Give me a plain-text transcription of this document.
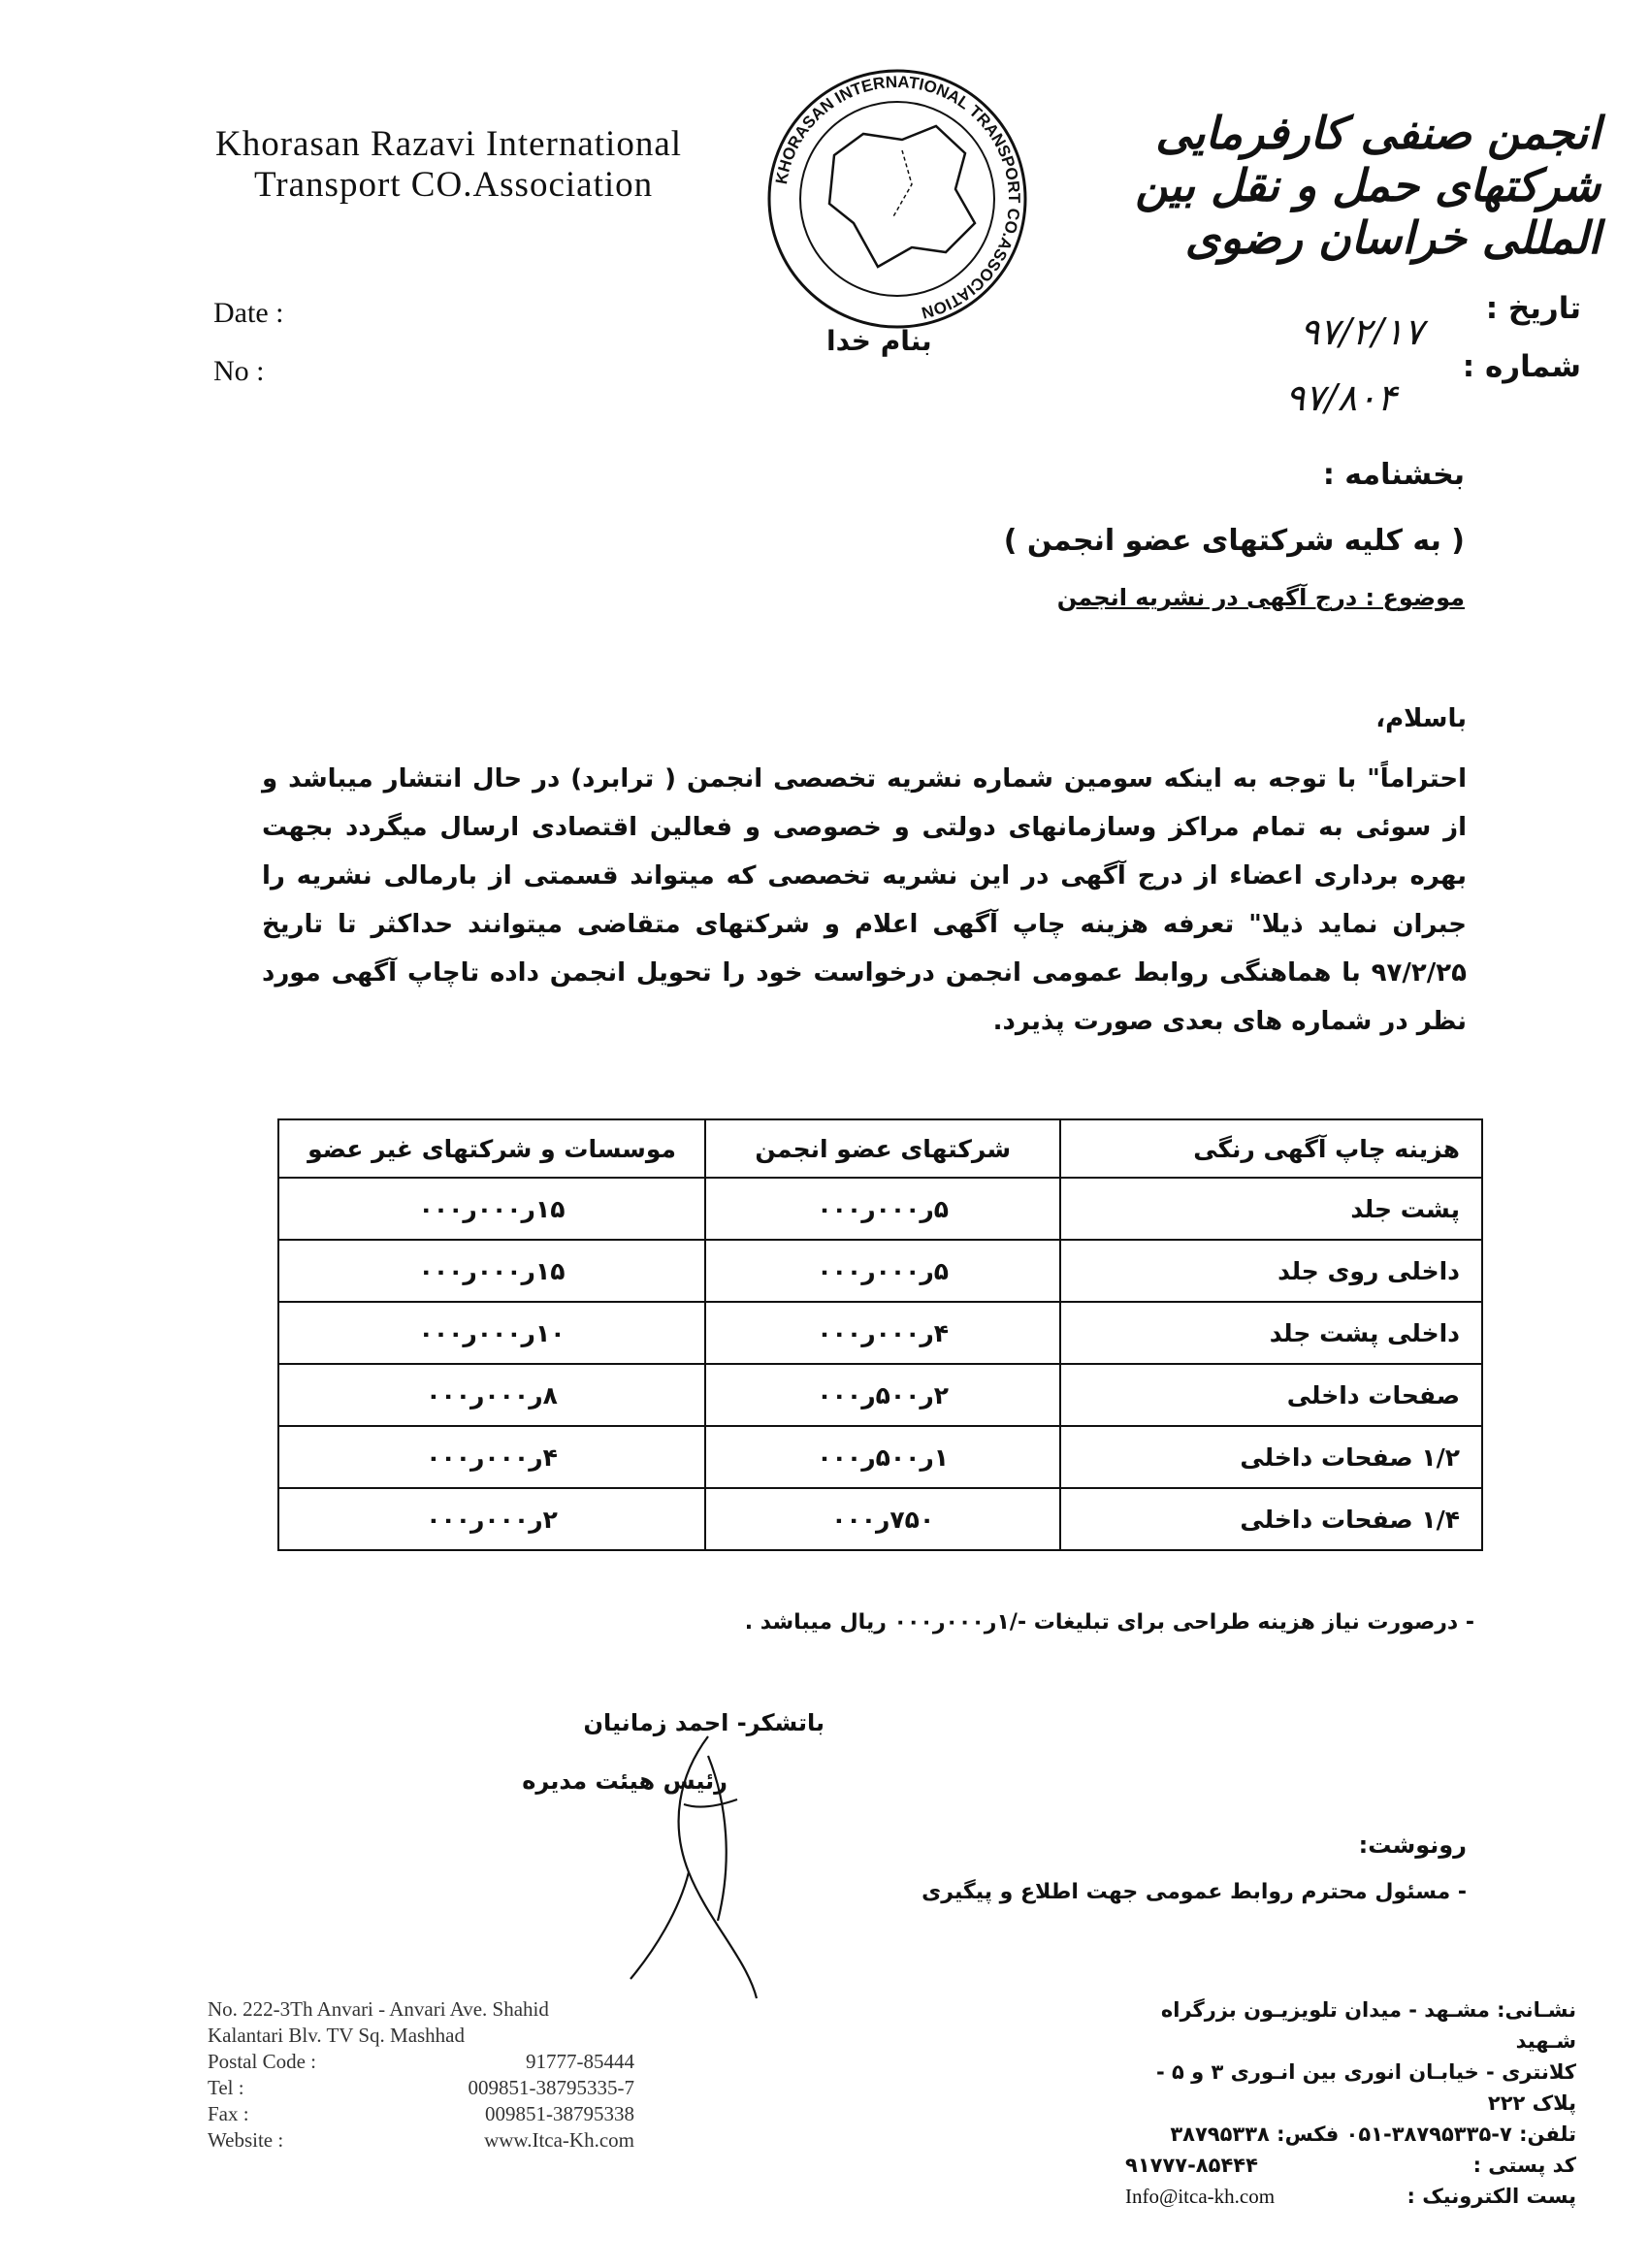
Khorasan Razavi International
Transport CO.Association	KHORASAN INTERNATIONAL TRANSPORT CO.ASSOCIATION
انجمن صنفی کارفرمایی شرکتهای حمل و نقل بین المللی خراسان رضوی
بنام خدا
Date :
No :
تاریخ :
شماره :
۹۷/۲/۱۷
۹۷/۸۰۴
بخشنامه :
( به کلیه شرکتهای عضو انجمن )
موضوع : درج آگهی در نشریه انجمن
باسلام،

احتراماً" با توجه به اینکه سومین شماره نشریه تخصصی انجمن ( ترابرد) در حال انتشار میباشد و از سوئی به تمام مراکز وسازمانهای دولتی و خصوصی و فعالین اقتصادی ارسال میگردد بجهت بهره برداری اعضاء از درج آگهی در این نشریه تخصصی که میتواند قسمتی از بارمالی نشریه را جبران نماید ذیلا" تعرفه هزینه چاپ آگهی اعلام و شرکتهای متقاضی میتوانند حداکثر تا تاریخ ۹۷/۲/۲۵ با هماهنگی روابط عمومی انجمن درخواست خود را تحویل انجمن داده تاچاپ آگهی مورد نظر در شماره های بعدی صورت پذیرد.

هزینه چاپ آگهی رنگی	شرکتهای عضو انجمن	موسسات و شرکتهای غیر عضو
پشت جلد	۵ر۰۰۰ر۰۰۰	۱۵ر۰۰۰ر۰۰۰
داخلی روی جلد	۵ر۰۰۰ر۰۰۰	۱۵ر۰۰۰ر۰۰۰
داخلی پشت جلد	۴ر۰۰۰ر۰۰۰	۱۰ر۰۰۰ر۰۰۰
صفحات داخلی	۲ر۵۰۰ر۰۰۰	۸ر۰۰۰ر۰۰۰
۱/۲ صفحات داخلی	۱ر۵۰۰ر۰۰۰	۴ر۰۰۰ر۰۰۰
۱/۴ صفحات داخلی	۷۵۰ر۰۰۰	۲ر۰۰۰ر۰۰۰
- درصورت نیاز هزینه طراحی برای تبلیغات -/۱ر۰۰۰ر۰۰۰ ریال میباشد .
باتشکر- احمد زمانیان
رئیس هیئت مدیره
رونوشت:
- مسئول محترم روابط عمومی جهت اطلاع و پیگیری
No. 222-3Th Anvari - Anvari Ave. Shahid
Kalantari Blv. TV Sq. Mashhad
Postal Code :	91777-85444
Tel :	009851-38795335-7
Fax :	009851-38795338
Website :	www.Itca-Kh.com
نشـانی: مشـهد - میدان تلویزیـون بزرگراه شـهید
کلانتری - خیابـان انوری بین انـوری ۳ و ۵ - پلاک ۲۲۲
تلفن: ۷-۳۸۷۹۵۳۳۵-۰۵۱ فکس: ۳۸۷۹۵۳۳۸
کد پستی :
۹۱۷۷۷-۸۵۴۴۴
پست الکترونیک :
Info@itca-kh.com
